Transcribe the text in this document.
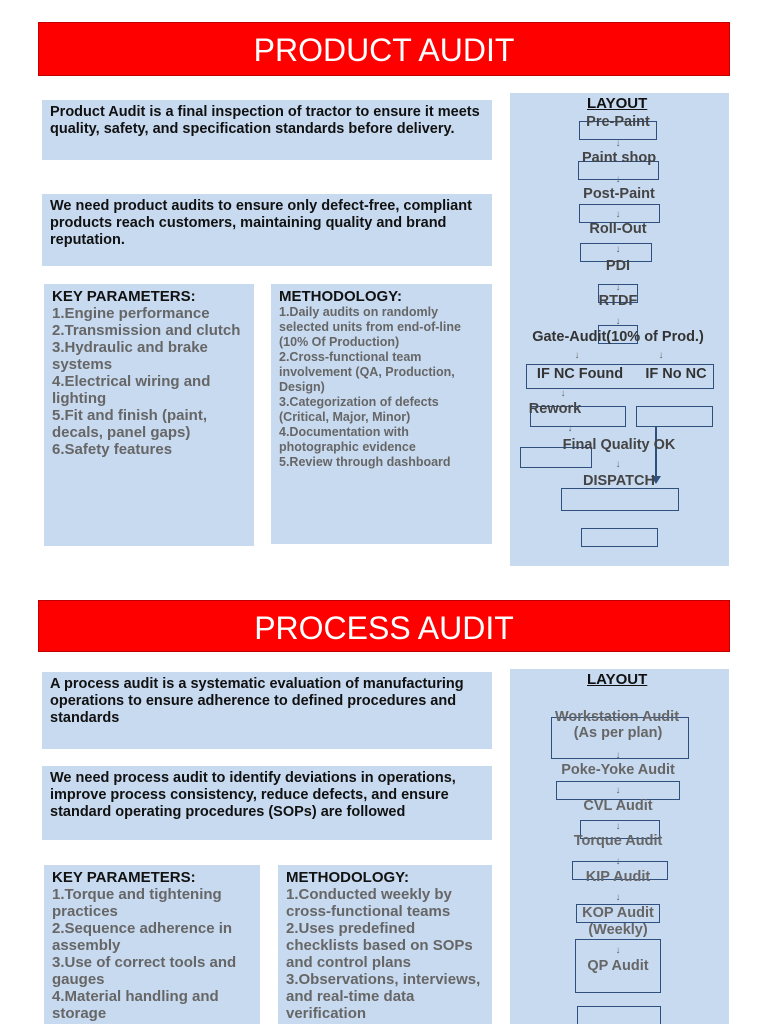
PRODUCT AUDIT
Product Audit is a final inspection of tractor to ensure it meets quality, safety, and specification standards before delivery.
We need product audits to ensure only defect-free, compliant products reach customers, maintaining quality and brand reputation.
KEY PARAMETERS:
1.Engine performance
2.Transmission and clutch
3.Hydraulic and brake systems
4.Electrical wiring and lighting
5.Fit and finish (paint, decals, panel gaps)
6.Safety features
METHODOLOGY:
1.Daily audits on randomly selected units from end-of-line (10% Of Production)
2.Cross-functional team involvement (QA, Production, Design)
3.Categorization of defects (Critical, Major, Minor)
4.Documentation with photographic evidence
5.Review through dashboard
LAYOUT
Pre-Paint
↓
Paint shop
↓
Post-Paint
↓
Roll-Out
↓
PDI
↓
RTDF
↓
Gate-Audit(10% of Prod.)
↓	↓
IF NC Found IF No NC
↓
Rework
↓
Final Quality OK
↓
DISPATCH
PROCESS AUDIT
A process audit is a systematic evaluation of manufacturing operations to ensure adherence to defined procedures and standards
We need process audit to identify deviations in operations, improve process consistency, reduce defects, and ensure standard operating procedures (SOPs) are followed
KEY PARAMETERS:
1.Torque and tightening practices
2.Sequence adherence in assembly
3.Use of correct tools and gauges
4.Material handling and storage
METHODOLOGY:
1.Conducted weekly by cross-functional teams
2.Uses predefined checklists based on SOPs and control plans
3.Observations, interviews, and real-time data verification
LAYOUT
Workstation Audit
(As per plan)
↓
Poke-Yoke Audit
↓
CVL Audit
↓
Torque Audit
↓
KIP Audit
↓
KOP Audit
(Weekly)
↓
QP Audit
